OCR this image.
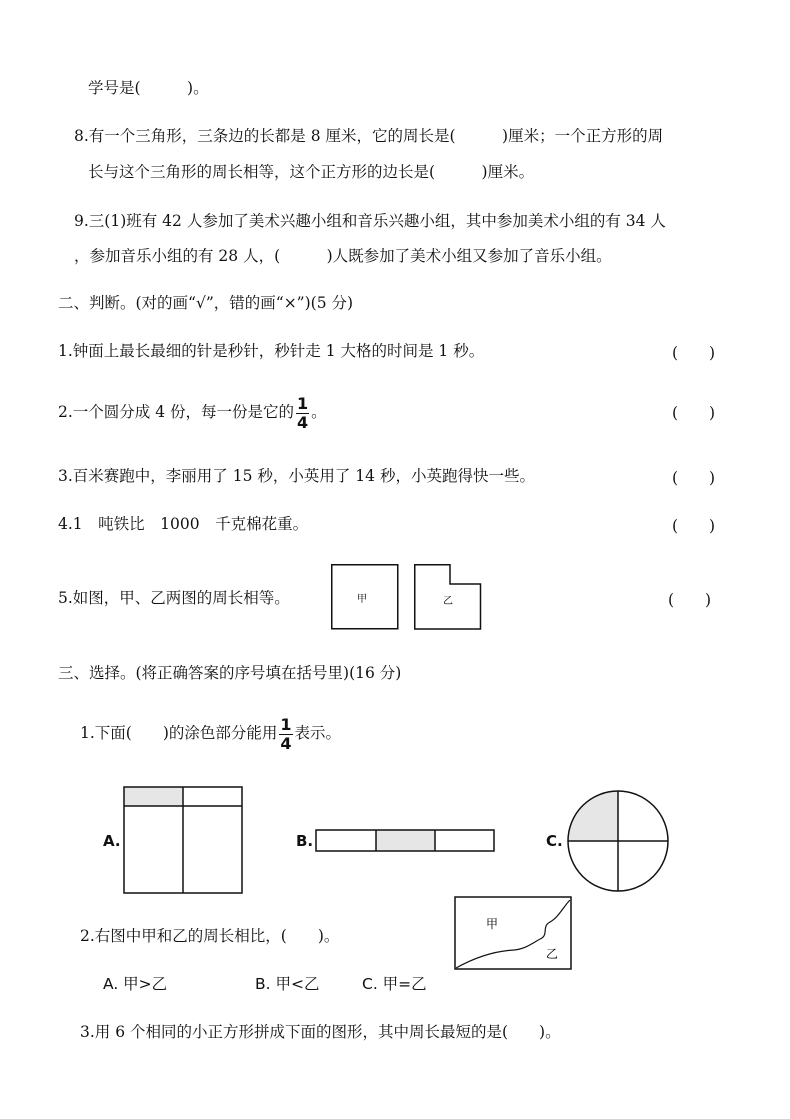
学号是(　　　)。
8.有一个三角形，三条边的长都是 8 厘米，它的周长是(　　　)厘米；一个正方形的周
长与这个三角形的周长相等，这个正方形的边长是(　　　)厘米。
9.三(1)班有 42 人参加了美术兴趣小组和音乐兴趣小组，其中参加美术小组的有 34 人
，参加音乐小组的有 28 人，(　　　)人既参加了美术小组又参加了音乐小组。
二、判断。(对的画“√”，错的画“×”)(5 分)
1.钟面上最长最细的针是秒针，秒针走 1 大格的时间是 1 秒。	(　　)
2.一个圆分成 4 份，每一份是它的 $\frac{1}{4}$ 。	(　　)
3.百米赛跑中，李丽用了 15 秒，小英用了 14 秒，小英跑得快一些。	(　　)
4.1　吨铁比　1000　千克棉花重。	(　　)
5.如图，甲、乙两图的周长相等。	(　　)
甲	乙
三、选择。(将正确答案的序号填在括号里)(16 分)
1.下面(　　)的涂色部分能用 $\frac{1}{4}$ 表示。
A.	B.	C.
2.右图中甲和乙的周长相比，(　　)。
甲
乙
A. 甲>乙	B. 甲<乙	C. 甲=乙
3.用 6 个相同的小正方形拼成下面的图形，其中周长最短的是(　　)。
